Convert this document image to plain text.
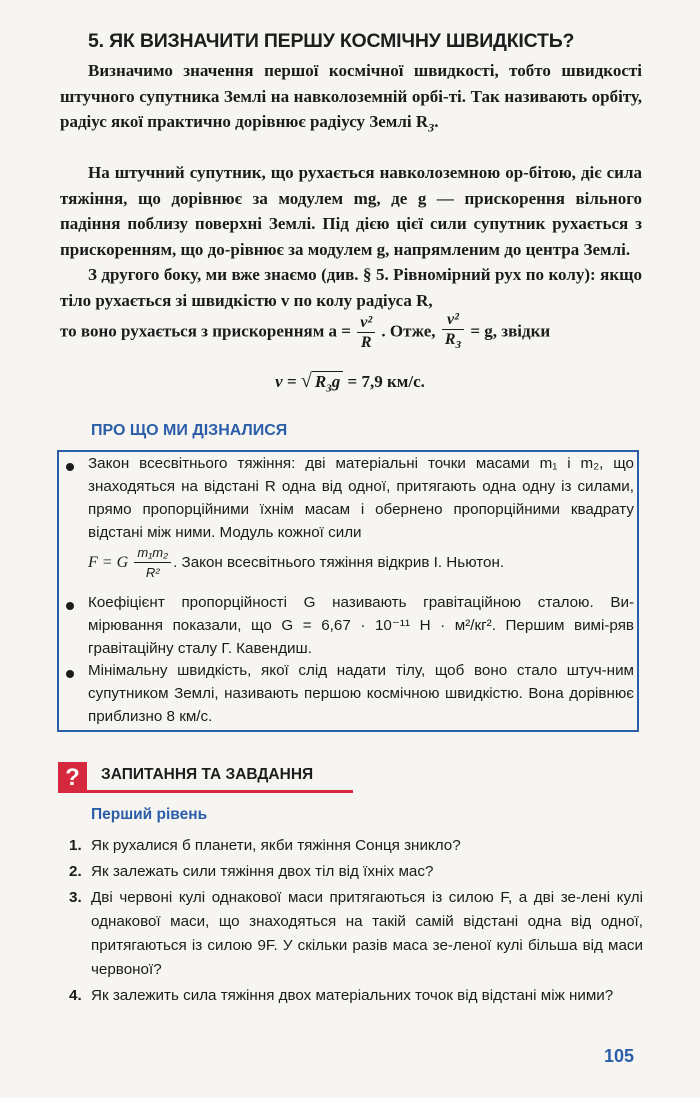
5. ЯК ВИЗНАЧИТИ ПЕРШУ КОСМІЧНУ ШВИДКІСТЬ?

Визначимо значення першої космічної швидкості, тобто швидкості штучного супутника Землі на навколоземній орбі-ті. Так називають орбіту, радіус якої практично дорівнює радіусу Землі $R_З$.

На штучний супутник, що рухається навколоземною ор-бітою, діє сила тяжіння, що дорівнює за модулем mg, де g — прискорення вільного падіння поблизу поверхні Землі. Під дією цієї сили супутник рухається з прискоренням, що до-рівнює за модулем g, напрямленим до центра Землі.

З другого боку, ми вже знаємо (див. § 5. Рівномірний рух по колу): якщо тіло рухається зі швидкістю v по колу радіуса R,

то воно рухається з прискоренням $a = \frac{\text{v²}}{R}$ . Отже, $\frac{\text{v²}}{R_З} = g$, звідки
v = √ $R_Зg = 7,9$ км/с.
ПРО ЩО МИ ДІЗНАЛИСЯ
Закон всесвітнього тяжіння: дві матеріальні точки масами m₁ і m₂, що знаходяться на відстані R одна від одної, притягають одна одну із силами, прямо пропорційними їхнім масам і обернено пропорційними квадрату відстані між ними. Модуль кожної сили
F = G $\frac{\text{m₁m₂}}{\text{R²}}$ . Закон всесвітнього тяжіння відкрив І. Ньютон.
Коефіцієнт пропорційності G називають гравітаційною сталою. Ви-мірювання показали, що G = 6,67 · 10⁻¹¹ Н · м²/кг². Першим вимі-ряв гравітаційну сталу Г. Кавендиш.
Мінімальну швидкість, якої слід надати тілу, щоб воно стало штуч-ним супутником Землі, називають першою космічною швидкістю. Вона дорівнює приблизно 8 км/с.
?	ЗАПИТАННЯ ТА ЗАВДАННЯ
Перший рівень
1. Як рухалися б планети, якби тяжіння Сонця зникло?
2. Як залежать сили тяжіння двох тіл від їхніх мас?
3. Дві червоні кулі однакової маси притягаються із силою F, а дві зе-лені кулі однакової маси, що знаходяться на такій самій відстані одна від одної, притягаються із силою 9F. У скільки разів маса зе-леної кулі більша від маси червоної?
4. Як залежить сила тяжіння двох матеріальних точок від відстані між ними?
105
